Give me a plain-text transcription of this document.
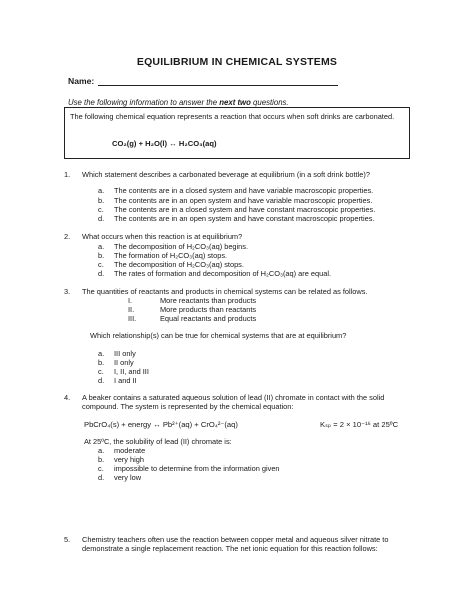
EQUILIBRIUM IN CHEMICAL SYSTEMS
Name:
Use the following information to answer the next two questions.
The following chemical equation represents a reaction that occurs when soft drinks are carbonated.
CO₂(g) + H₂O(l) ↔ H₂CO₃(aq)
1. Which statement describes a carbonated beverage at equilibrium (in a soft drink bottle)?
a. The contents are in a closed system and have variable macroscopic properties.
b. The contents are in an open system and have variable macroscopic properties.
c. The contents are in a closed system and have constant macroscopic properties.
d. The contents are in an open system and have constant macroscopic properties.
2. What occurs when this reaction is at equilibrium?
a. The decomposition of H₂CO₃(aq) begins.
b. The formation of H₂CO₃(aq) stops.
c. The decomposition of H₂CO₃(aq) stops.
d. The rates of formation and decomposition of H₂CO₃(aq) are equal.
3. The quantities of reactants and products in chemical systems can be related as follows.
I.	More reactants than products
II.	More products than reactants
III.	Equal reactants and products
Which relationship(s) can be true for chemical systems that are at equilibrium?
a. III only
b. II only
c. I, II, and III
d. I and II
4. A beaker contains a saturated aqueous solution of lead (II) chromate in contact with the solid compound. The system is represented by the chemical equation:
PbCrO₄(s) + energy ↔ Pb²⁺(aq) + CrO₄²⁻(aq)	Kₛₚ = 2 × 10⁻¹⁶ at 25ºC
At 25ºC, the solubility of lead (II) chromate is:
a. moderate
b. very high
c. impossible to determine from the information given
d. very low
5. Chemistry teachers often use the reaction between copper metal and aqueous silver nitrate to demonstrate a single replacement reaction. The net ionic equation for this reaction follows:
